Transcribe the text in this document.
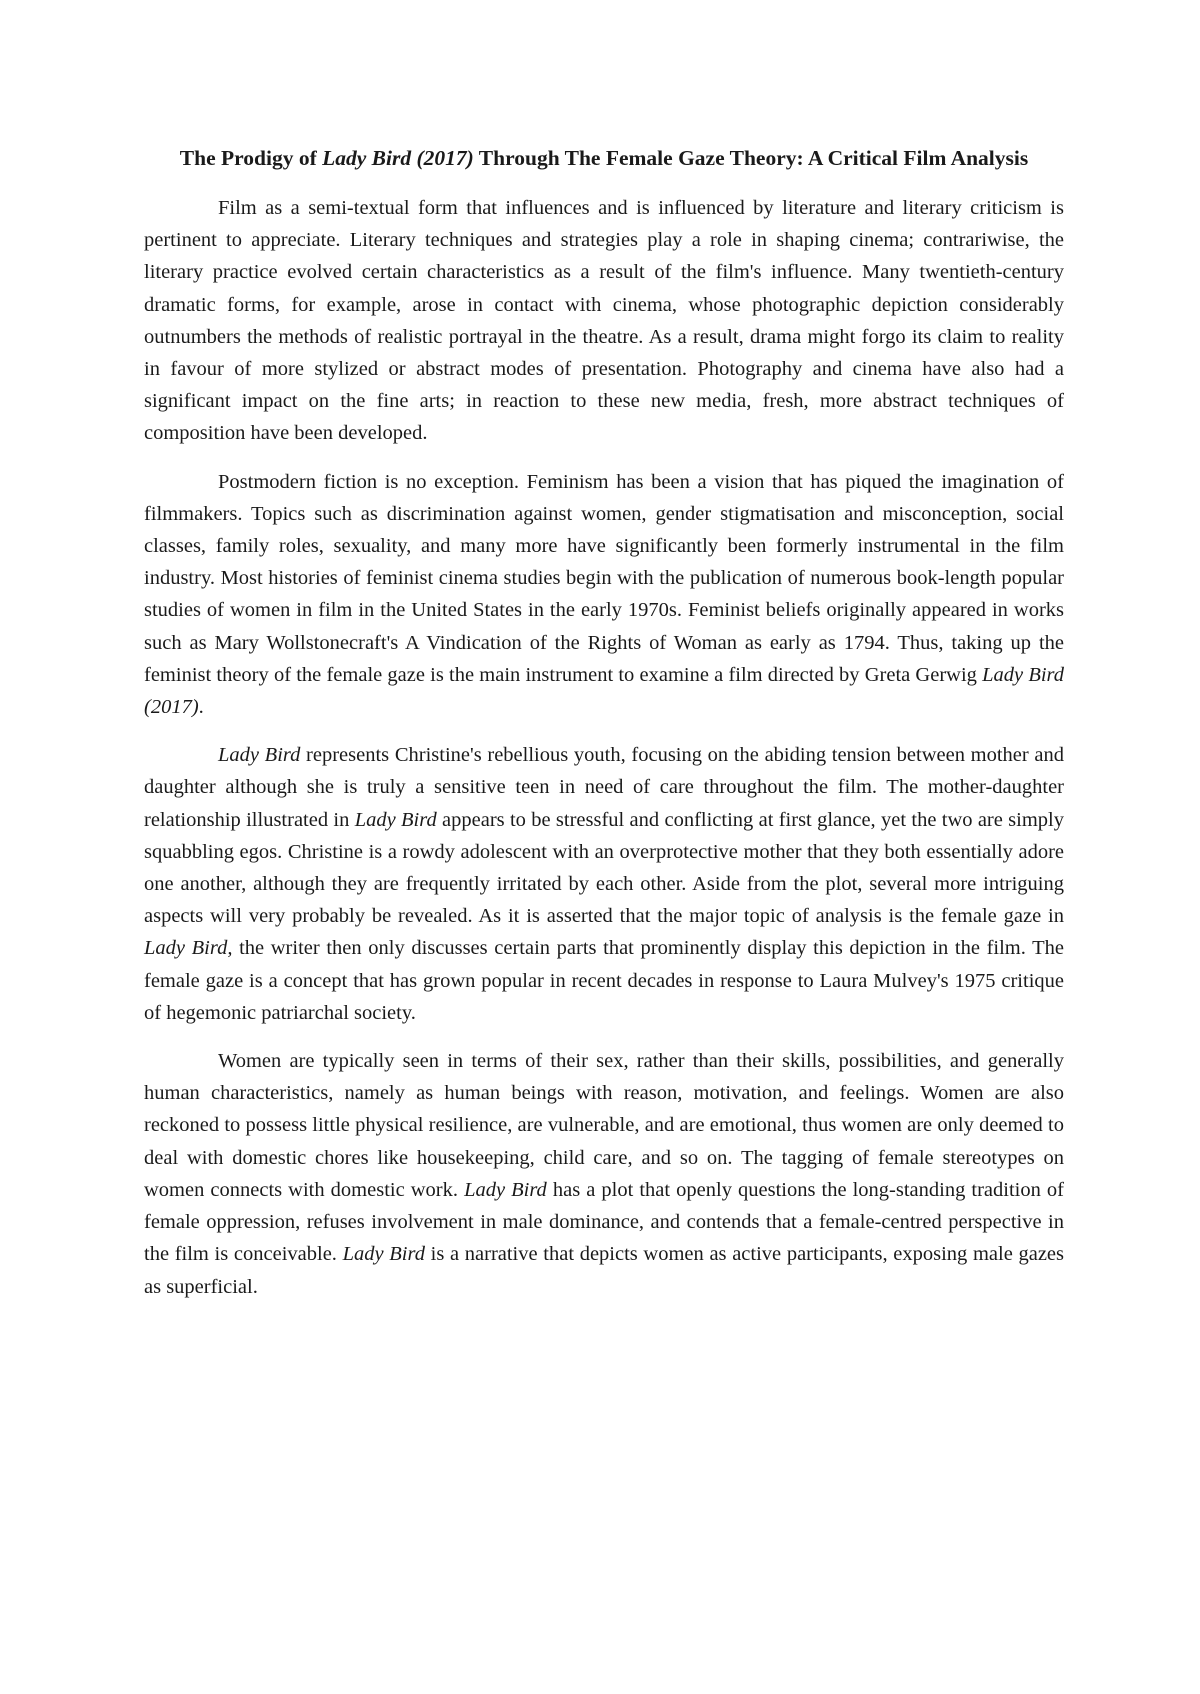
The Prodigy of Lady Bird (2017) Through The Female Gaze Theory: A Critical Film Analysis

Film as a semi-textual form that influences and is influenced by literature and literary criticism is pertinent to appreciate. Literary techniques and strategies play a role in shaping cinema; contrariwise, the literary practice evolved certain characteristics as a result of the film's influence. Many twentieth-century dramatic forms, for example, arose in contact with cinema, whose photographic depiction considerably outnumbers the methods of realistic portrayal in the theatre. As a result, drama might forgo its claim to reality in favour of more stylized or abstract modes of presentation. Photography and cinema have also had a significant impact on the fine arts; in reaction to these new media, fresh, more abstract techniques of composition have been developed.

Postmodern fiction is no exception. Feminism has been a vision that has piqued the imagination of filmmakers. Topics such as discrimination against women, gender stigmatisation and misconception, social classes, family roles, sexuality, and many more have significantly been formerly instrumental in the film industry. Most histories of feminist cinema studies begin with the publication of numerous book-length popular studies of women in film in the United States in the early 1970s. Feminist beliefs originally appeared in works such as Mary Wollstonecraft's A Vindication of the Rights of Woman as early as 1794. Thus, taking up the feminist theory of the female gaze is the main instrument to examine a film directed by Greta Gerwig Lady Bird (2017).

Lady Bird represents Christine's rebellious youth, focusing on the abiding tension between mother and daughter although she is truly a sensitive teen in need of care throughout the film. The mother-daughter relationship illustrated in Lady Bird appears to be stressful and conflicting at first glance, yet the two are simply squabbling egos. Christine is a rowdy adolescent with an overprotective mother that they both essentially adore one another, although they are frequently irritated by each other. Aside from the plot, several more intriguing aspects will very probably be revealed. As it is asserted that the major topic of analysis is the female gaze in Lady Bird, the writer then only discusses certain parts that prominently display this depiction in the film. The female gaze is a concept that has grown popular in recent decades in response to Laura Mulvey's 1975 critique of hegemonic patriarchal society.

Women are typically seen in terms of their sex, rather than their skills, possibilities, and generally human characteristics, namely as human beings with reason, motivation, and feelings. Women are also reckoned to possess little physical resilience, are vulnerable, and are emotional, thus women are only deemed to deal with domestic chores like housekeeping, child care, and so on. The tagging of female stereotypes on women connects with domestic work. Lady Bird has a plot that openly questions the long-standing tradition of female oppression, refuses involvement in male dominance, and contends that a female-centred perspective in the film is conceivable. Lady Bird is a narrative that depicts women as active participants, exposing male gazes as superficial.
